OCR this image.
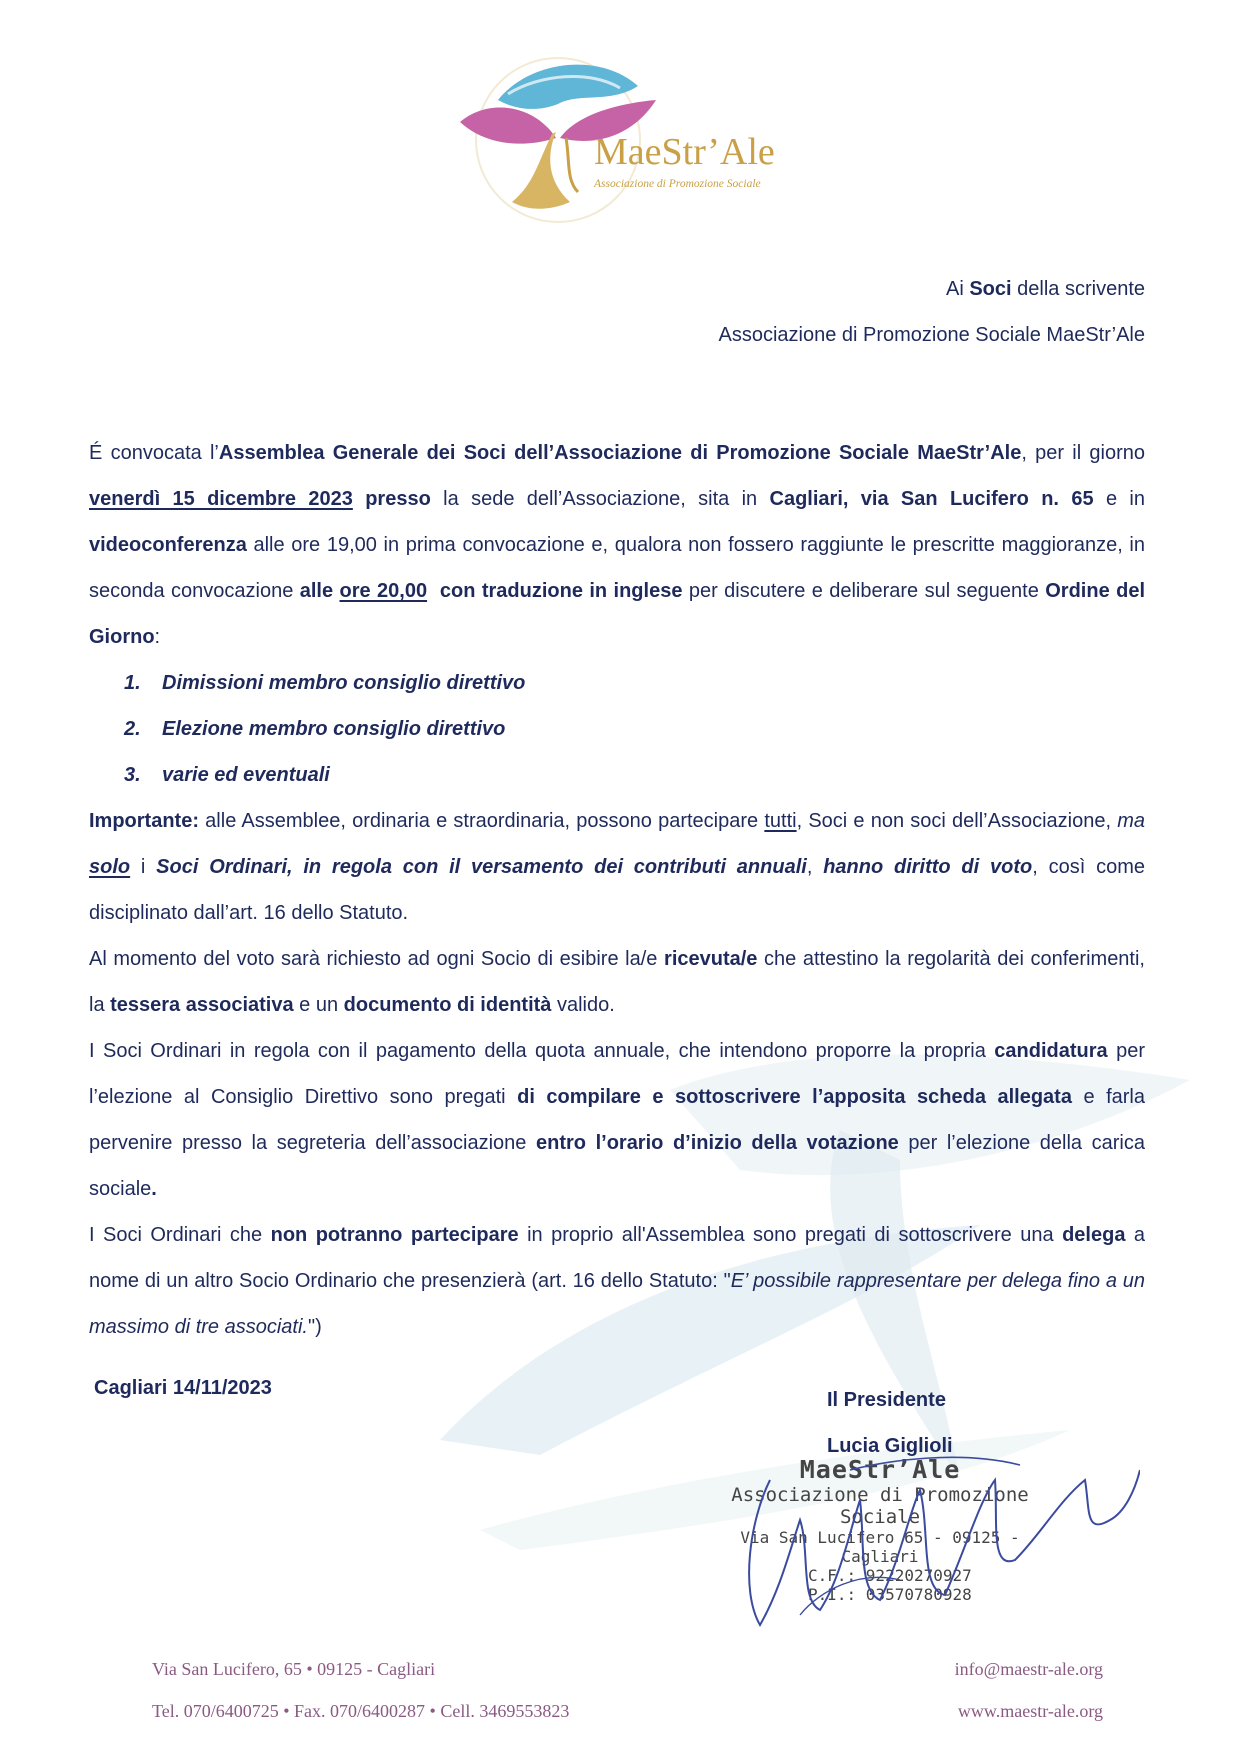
MaeStr’Ale
Associazione di Promozione Sociale
Ai Soci della scrivente
Associazione di Promozione Sociale MaeStr’Ale

É convocata l’Assemblea Generale dei Soci dell’Associazione di Promozione Sociale MaeStr’Ale, per il giorno venerdì 15 dicembre 2023 presso la sede dell’Associazione, sita in Cagliari, via San Lucifero n. 65 e in videoconferenza alle ore 19,00 in prima convocazione e, qualora non fossero raggiunte le prescritte maggioranze, in seconda convocazione alle ore 20,00  con traduzione in inglese per discutere e deliberare sul seguente Ordine del Giorno:

1. Dimissioni membro consiglio direttivo
2. Elezione membro consiglio direttivo
3. varie ed eventuali

Importante: alle Assemblee, ordinaria e straordinaria, possono partecipare tutti, Soci e non soci dell’Associazione, ma solo i Soci Ordinari, in regola con il versamento dei contributi annuali, hanno diritto di voto, così come disciplinato dall’art. 16 dello Statuto.

Al momento del voto sarà richiesto ad ogni Socio di esibire la/e ricevuta/e che attestino la regolarità dei conferimenti, la tessera associativa e un documento di identità valido.

I Soci Ordinari in regola con il pagamento della quota annuale, che intendono proporre la propria candidatura per l’elezione al Consiglio Direttivo sono pregati di compilare e sottoscrivere l’apposita scheda allegata e farla pervenire presso la segreteria dell’associazione entro l’orario d’inizio della votazione per l’elezione della carica sociale.

I Soci Ordinari che non potranno partecipare in proprio all'Assemblea sono pregati di sottoscrivere una delega a nome di un altro Socio Ordinario che presenzierà (art. 16 dello Statuto: "E’ possibile rappresentare per delega fino a un massimo di tre associati.")

Cagliari 14/11/2023
Il Presidente
Lucia Giglioli
MaeStr’Ale
Associazione di Promozione Sociale
Via San Lucifero 65 - 09125 - Cagliari
C.F.: 92220270927
P.I.: 03570780928
Via San Lucifero, 65 • 09125 - Cagliari
Tel. 070/6400725 • Fax. 070/6400287 • Cell. 3469553823
info@maestr-ale.org
www.maestr-ale.org
